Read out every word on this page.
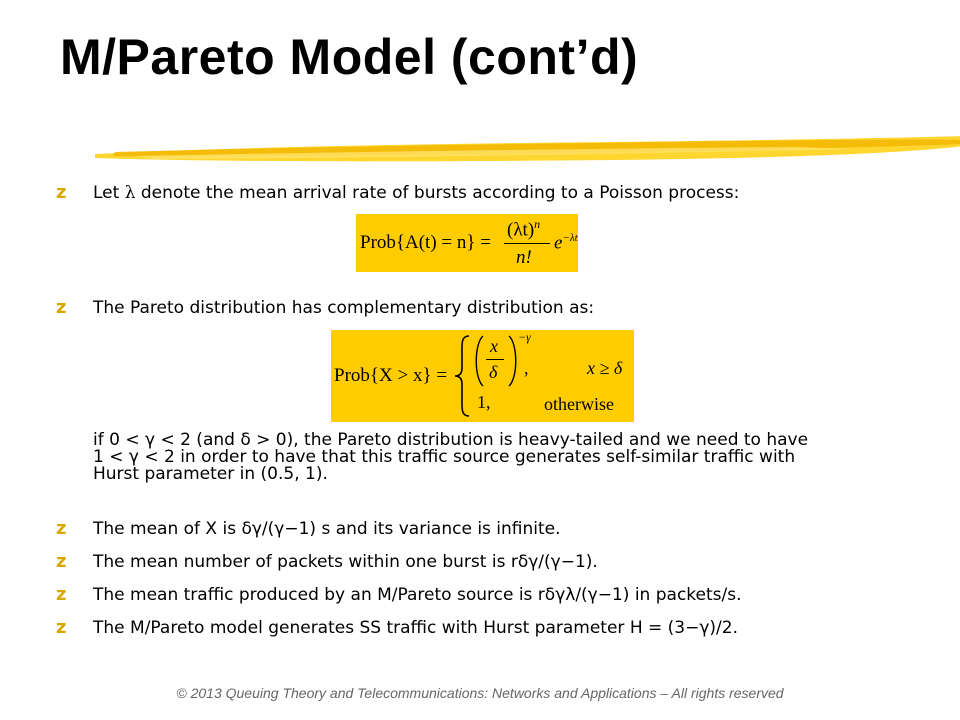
M/Pareto Model (cont’d)
z Let λ denote the mean arrival rate of bursts according to a Poisson process:
Prob{A(t) = n} =
$(\lambda t)^n$
n!
$e^{-\lambda t}$
z The Pareto distribution has complementary distribution as:
Prob{X > x} =
x
δ
−γ
,	x ≥ δ
1,	otherwise
if 0 < γ < 2 (and δ > 0), the Pareto distribution is heavy-tailed and we need to have
1 < γ < 2 in order to have that this traffic source generates self-similar traffic with
Hurst parameter in (0.5, 1).
z The mean of X is δγ/(γ−1) s and its variance is infinite.
z The mean number of packets within one burst is rδγ/(γ−1).
z The mean traffic produced by an M/Pareto source is rδγλ/(γ−1) in packets/s.
z The M/Pareto model generates SS traffic with Hurst parameter H = (3−γ)/2.
© 2013 Queuing Theory and Telecommunications: Networks and Applications – All rights reserved
